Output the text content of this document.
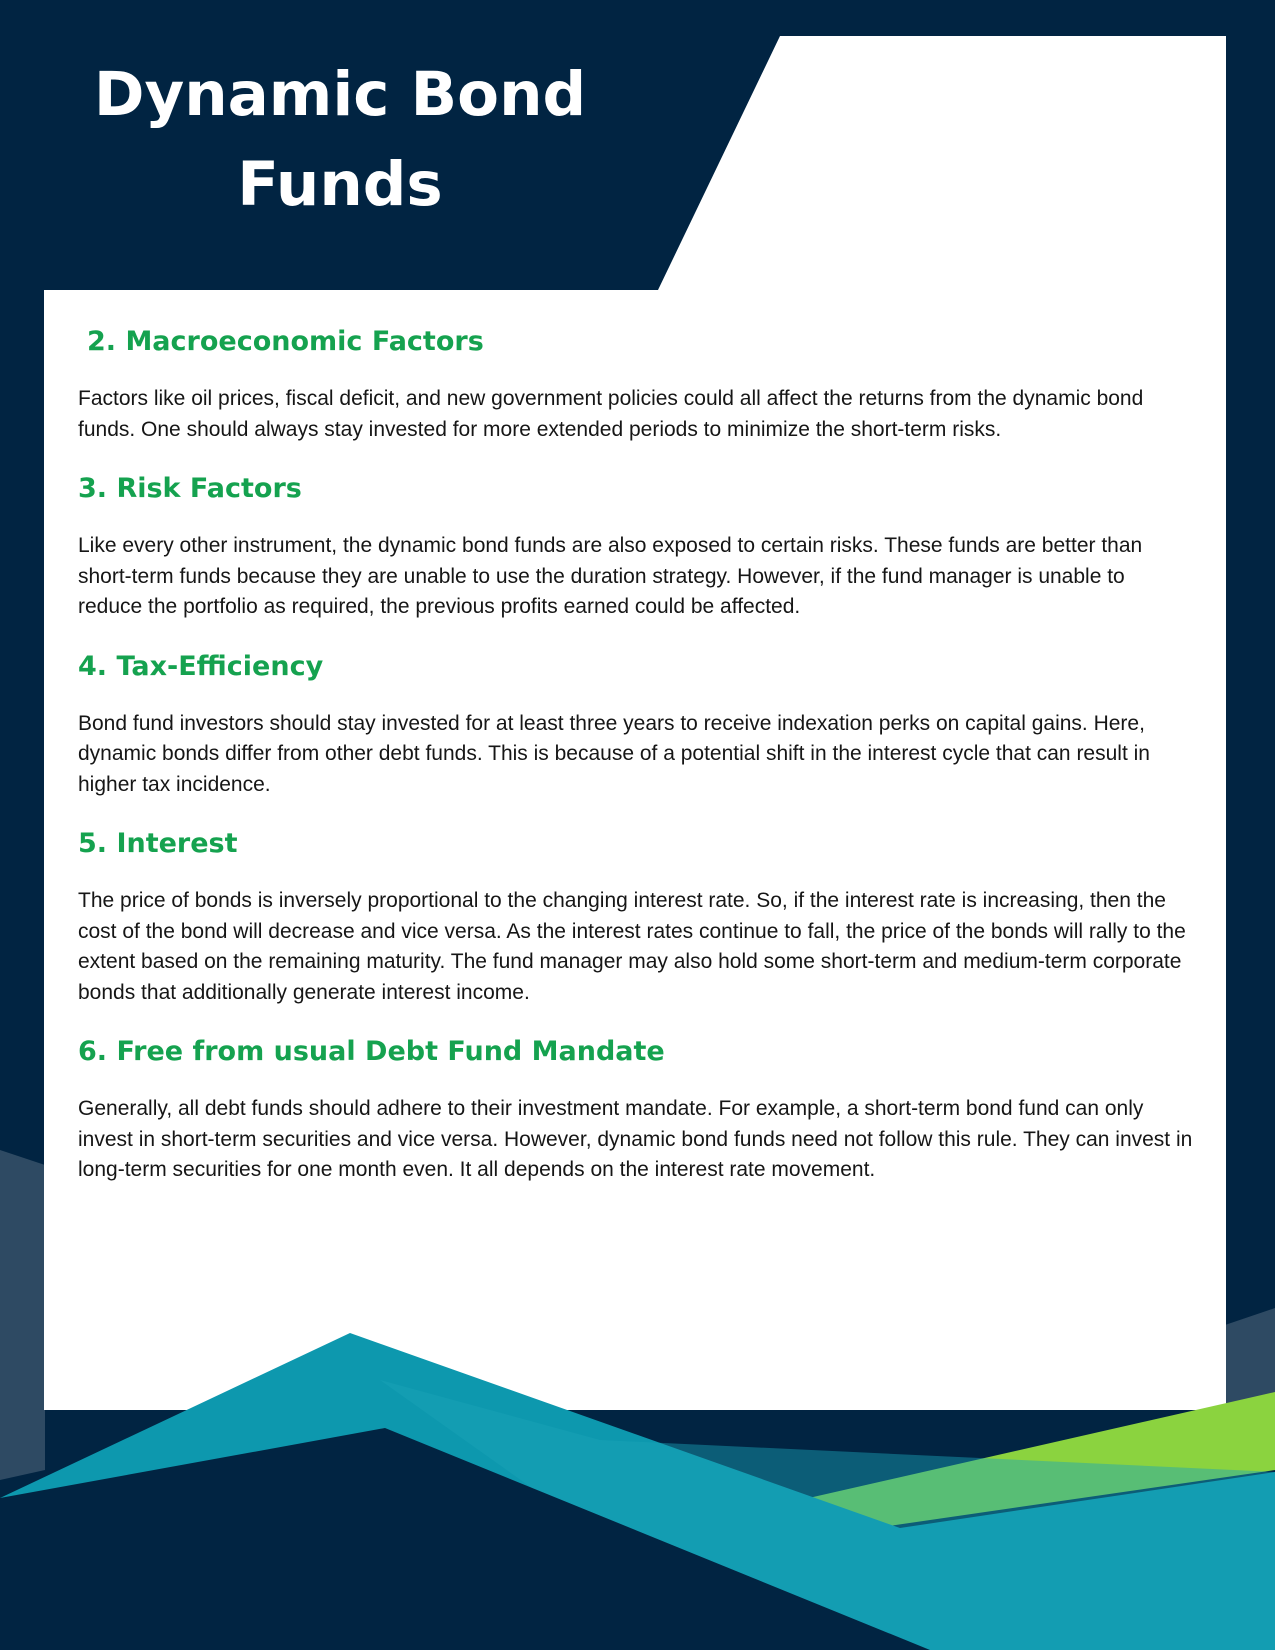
Dynamic Bond Funds
2. Macroeconomic Factors

Factors like oil prices, fiscal deficit, and new government policies could all affect the returns from the dynamic bond funds. One should always stay invested for more extended periods to minimize the short-term risks.

3. Risk Factors

Like every other instrument, the dynamic bond funds are also exposed to certain risks. These funds are better than short-term funds because they are unable to use the duration strategy. However, if the fund manager is unable to reduce the portfolio as required, the previous profits earned could be affected.

4. Tax-Efficiency

Bond fund investors should stay invested for at least three years to receive indexation perks on capital gains. Here, dynamic bonds differ from other debt funds. This is because of a potential shift in the interest cycle that can result in higher tax incidence.

5. Interest

The price of bonds is inversely proportional to the changing interest rate. So, if the interest rate is increasing, then the cost of the bond will decrease and vice versa. As the interest rates continue to fall, the price of the bonds will rally to the extent based on the remaining maturity. The fund manager may also hold some short-term and medium-term corporate bonds that additionally generate interest income.

6. Free from usual Debt Fund Mandate

Generally, all debt funds should adhere to their investment mandate. For example, a short-term bond fund can only invest in short-term securities and vice versa. However, dynamic bond funds need not follow this rule. They can invest in long-term securities for one month even. It all depends on the interest rate movement.
